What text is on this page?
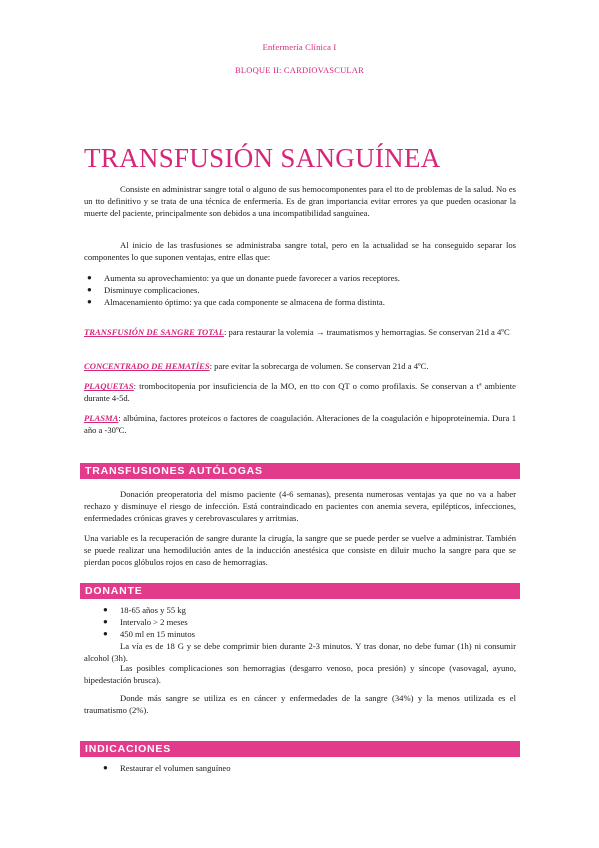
Enfermería Clínica I
BLOQUE II: CARDIOVASCULAR
TRANSFUSIÓN SANGUÍNEA
Consiste en administrar sangre total o alguno de sus hemocomponentes para el tto de problemas de la salud. No es un tto definitivo y se trata de una técnica de enfermería. Es de gran importancia evitar errores ya que pueden ocasionar la muerte del paciente, principalmente son debidos a una incompatibilidad sanguínea.
Al inicio de las trasfusiones se administraba sangre total, pero en la actualidad se ha conseguido separar los componentes lo que suponen ventajas, entre ellas que:
● Aumenta su aprovechamiento: ya que un donante puede favorecer a varios receptores.
● Disminuye complicaciones.
● Almacenamiento óptimo: ya que cada componente se almacena de forma distinta.
TRANSFUSIÓN DE SANGRE TOTAL: para restaurar la volemia → traumatismos y hemorragias. Se conservan 21d a 4ºC
CONCENTRADO DE HEMATÍES: pare evitar la sobrecarga de volumen. Se conservan 21d a 4ºC.
PLAQUETAS: trombocitopenia por insuficiencia de la MO, en tto con QT o como profilaxis. Se conservan a tª ambiente durante 4-5d.
PLASMA: albúmina, factores proteicos o factores de coagulación. Alteraciones de la coagulación e hipoproteinemia. Dura 1 año a -30ºC.
TRANSFUSIONES AUTÓLOGAS
Donación preoperatoria del mismo paciente (4-6 semanas), presenta numerosas ventajas ya que no va a haber rechazo y disminuye el riesgo de infección. Está contraindicado en pacientes con anemia severa, epilépticos, infecciones, enfermedades crónicas graves y cerebrovasculares y arritmias.
Una variable es la recuperación de sangre durante la cirugía, la sangre que se puede perder se vuelve a administrar. También se puede realizar una hemodilución antes de la inducción anestésica que consiste en diluir mucho la sangre para que se pierdan pocos glóbulos rojos en caso de hemorragias.
DONANTE
● 18-65 años y 55 kg
● Intervalo > 2 meses
● 450 ml en 15 minutos
La vía es de 18 G y se debe comprimir bien durante 2-3 minutos. Y tras donar, no debe fumar (1h) ni consumir alcohol (3h).
Las posibles complicaciones son hemorragias (desgarro venoso, poca presión) y síncope (vasovagal, ayuno, bipedestación brusca).
Donde más sangre se utiliza es en cáncer y enfermedades de la sangre (34%) y la menos utilizada es el traumatismo (2%).
INDICACIONES
● Restaurar el volumen sanguíneo
